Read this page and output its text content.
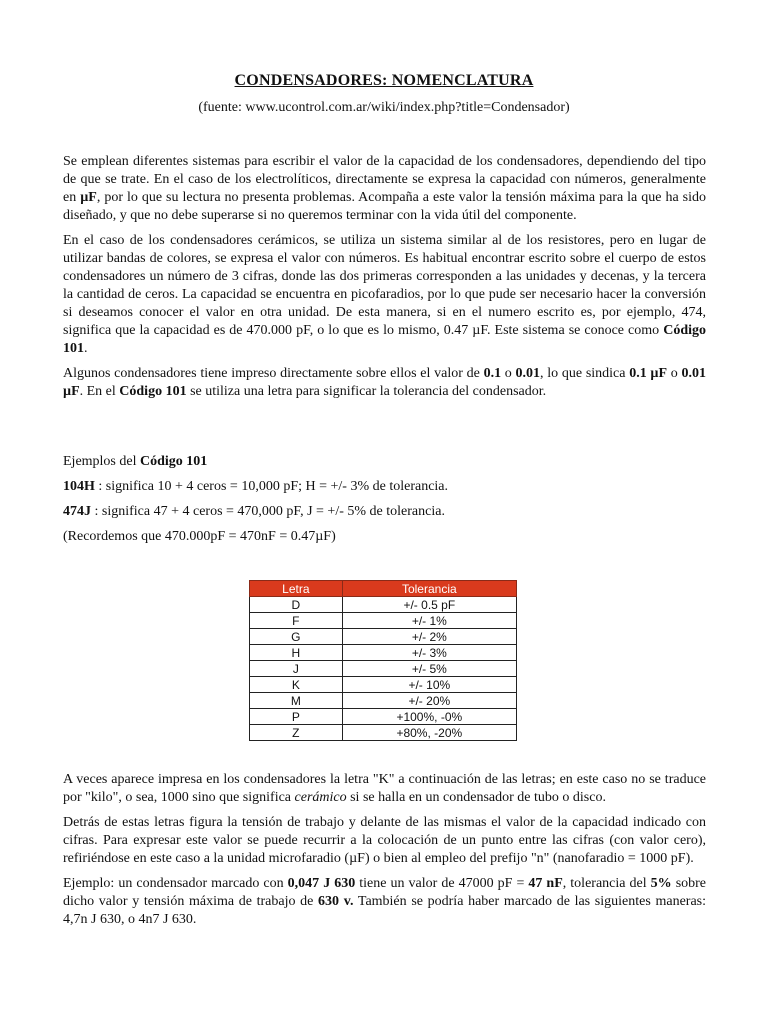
CONDENSADORES: NOMENCLATURA
(fuente: www.ucontrol.com.ar/wiki/index.php?title=Condensador)

Se emplean diferentes sistemas para escribir el valor de la capacidad de los condensadores, dependiendo del tipo de que se trate. En el caso de los electrolíticos, directamente se expresa la capacidad con números, generalmente en µF, por lo que su lectura no presenta problemas. Acompaña a este valor la tensión máxima para la que ha sido diseñado, y que no debe superarse si no queremos terminar con la vida útil del componente.

En el caso de los condensadores cerámicos, se utiliza un sistema similar al de los resistores, pero en lugar de utilizar bandas de colores, se expresa el valor con números. Es habitual encontrar escrito sobre el cuerpo de estos condensadores un número de 3 cifras, donde las dos primeras corresponden a las unidades y decenas, y la tercera la cantidad de ceros. La capacidad se encuentra en picofaradios, por lo que pude ser necesario hacer la conversión si deseamos conocer el valor en otra unidad. De esta manera, si en el numero escrito es, por ejemplo, 474, significa que la capacidad es de 470.000 pF, o lo que es lo mismo, 0.47 µF. Este sistema se conoce como Código 101.

Algunos condensadores tiene impreso directamente sobre ellos el valor de 0.1 o 0.01, lo que sindica 0.1 µF o 0.01 µF. En el Código 101 se utiliza una letra para significar la tolerancia del condensador.

Ejemplos del Código 101

104H : significa 10 + 4 ceros = 10,000 pF; H = +/- 3% de tolerancia.

474J : significa 47 + 4 ceros = 470,000 pF, J = +/- 5% de tolerancia.

(Recordemos que 470.000pF = 470nF = 0.47µF)

Letra	Tolerancia
D	+/- 0.5 pF
F	+/- 1%
G	+/- 2%
H	+/- 3%
J	+/- 5%
K	+/- 10%
M	+/- 20%
P	+100%, -0%
Z	+80%, -20%

A veces aparece impresa en los condensadores la letra "K" a continuación de las letras; en este caso no se traduce por "kilo", o sea, 1000 sino que significa cerámico si se halla en un condensador de tubo o disco.

Detrás de estas letras figura la tensión de trabajo y delante de las mismas el valor de la capacidad indicado con cifras. Para expresar este valor se puede recurrir a la colocación de un punto entre las cifras (con valor cero), refiriéndose en este caso a la unidad microfaradio (µF) o bien al empleo del prefijo "n" (nanofaradio = 1000 pF).

Ejemplo: un condensador marcado con 0,047 J 630 tiene un valor de 47000 pF = 47 nF, tolerancia del 5% sobre dicho valor y tensión máxima de trabajo de 630 v. También se podría haber marcado de las siguientes maneras: 4,7n J 630, o 4n7 J 630.
